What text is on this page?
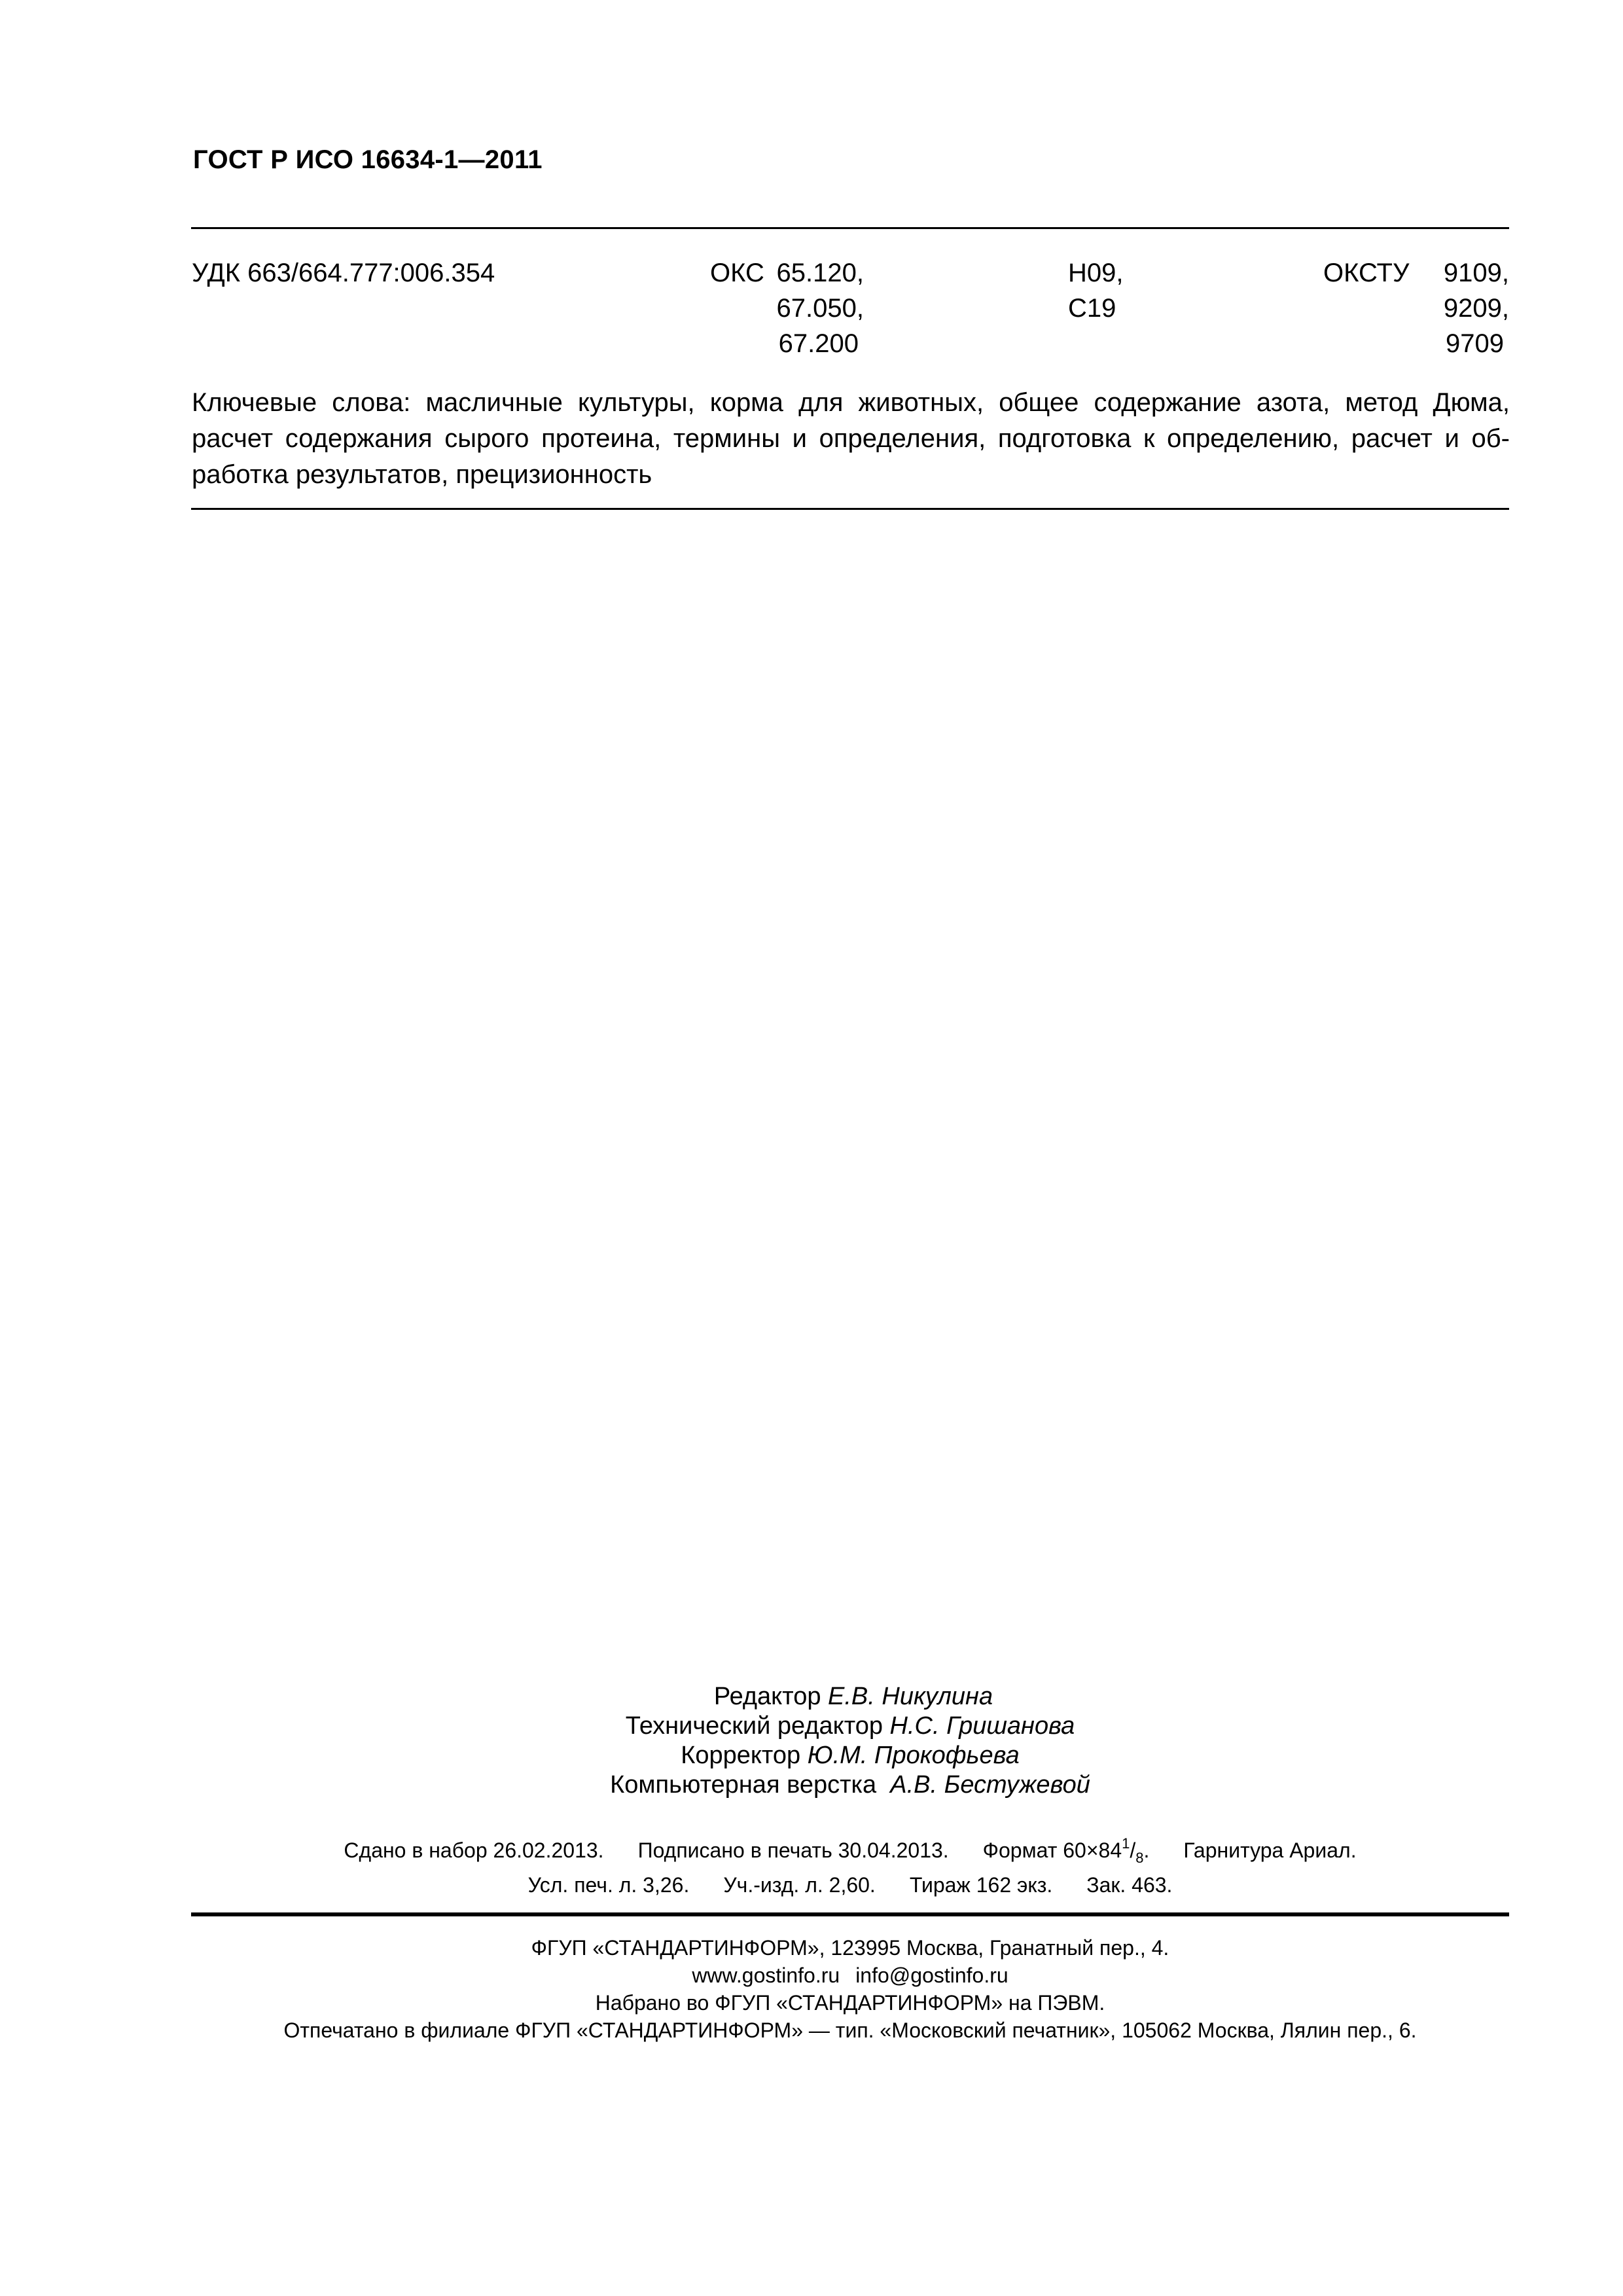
ГОСТ Р ИСО 16634-1—2011
УДК 663/664.777:006.354	ОКС 65.120,
67.050,
67.200
Н09,
С19
ОКСТУ	9109,
9209,
9709
Ключевые слова: масличные культуры, корма для животных, общее содержание азота, метод Дюма,
расчет содержания сырого протеина, термины и определения, подготовка к определению, расчет и об-
работка результатов, прецизионность
Редактор Е.В. Никулина
Технический редактор Н.С. Гришанова
Корректор Ю.М. Прокофьева
Компьютерная верстка А.В. Бестужевой
Сдано в набор 26.02.2013. Подписано в печать 30.04.2013. Формат $60\times 84^1/_8$. Гарнитура Ариал.
Усл. печ. л. 3,26. Уч.-изд. л. 2,60. Тираж 162 экз. Зак. 463.
ФГУП «СТАНДАРТИНФОРМ», 123995 Москва, Гранатный пер., 4.
www.gostinfo.ru info@gostinfo.ru
Набрано во ФГУП «СТАНДАРТИНФОРМ» на ПЭВМ.
Отпечатано в филиале ФГУП «СТАНДАРТИНФОРМ» — тип. «Московский печатник», 105062 Москва, Лялин пер., 6.
